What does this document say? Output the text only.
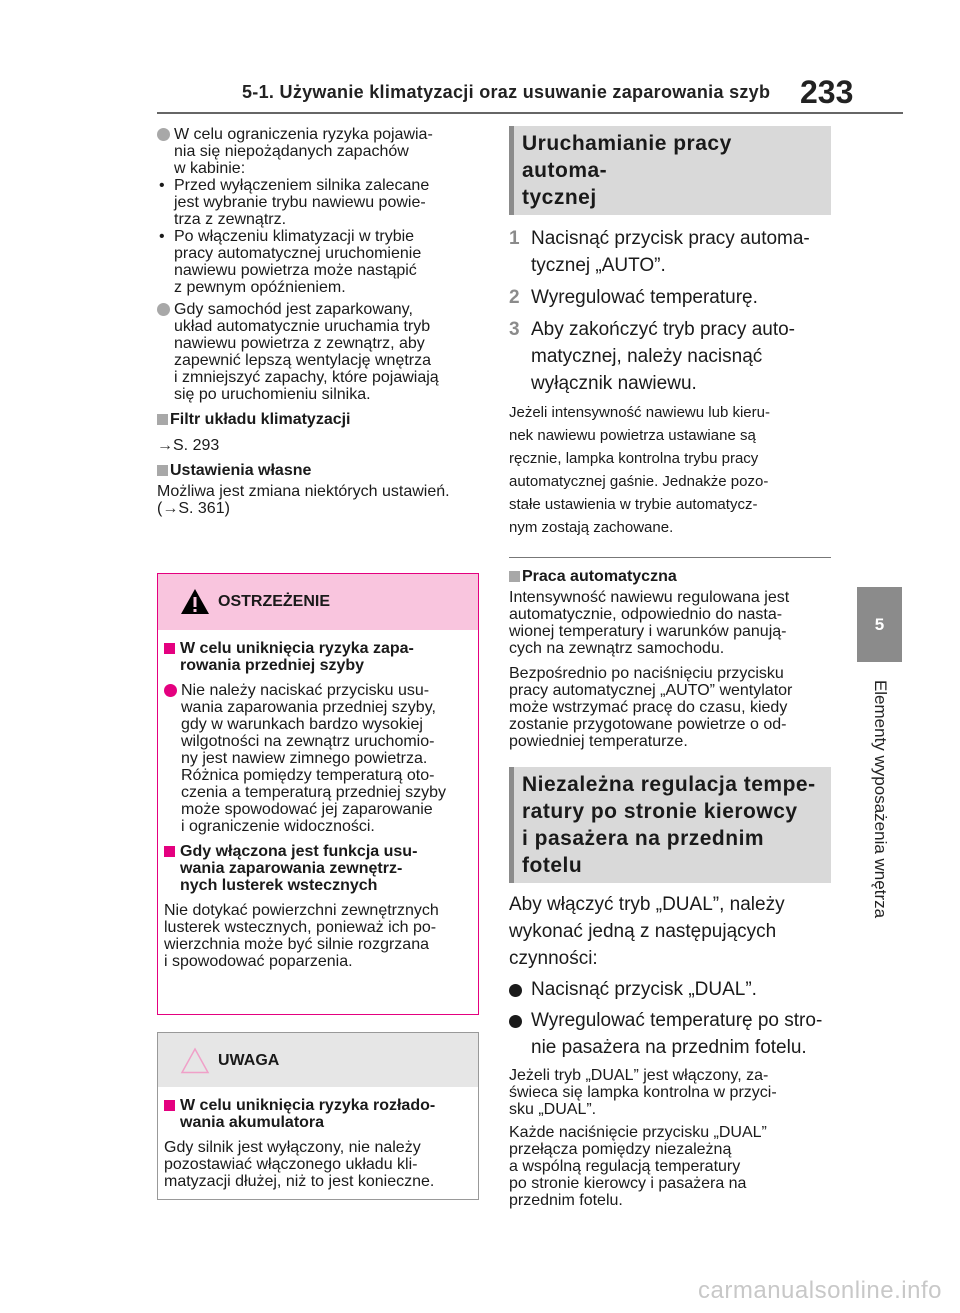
5-1. Używanie klimatyzacji oraz usuwanie zaparowania szyb 233
5
Elementy wyposażenia wnętrza
W celu ograniczenia ryzyka pojawia-
nia się niepożądanych zapachów
w kabinie:
• Przed wyłączeniem silnika zalecane
jest wybranie trybu nawiewu powie-
trza z zewnątrz.
• Po włączeniu klimatyzacji w trybie
pracy automatycznej uruchomienie
nawiewu powietrza może nastąpić
z pewnym opóźnieniem.
Gdy samochód jest zaparkowany,
układ automatycznie uruchamia tryb
nawiewu powietrza z zewnątrz, aby
zapewnić lepszą wentylację wnętrza
i zmniejszyć zapachy, które pojawiają
się po uruchomieniu silnika.
Filtr układu klimatyzacji

→S. 293

Ustawienia własne

Możliwa jest zmiana niektórych ustawień.

(→S. 361)

OSTRZEŻENIE
W celu uniknięcia ryzyka zapa-
rowania przedniej szyby
Nie należy naciskać przycisku usu-
wania zaparowania przedniej szyby,
gdy w warunkach bardzo wysokiej
wilgotności na zewnątrz uruchomio-
ny jest nawiew zimnego powietrza.
Różnica pomiędzy temperaturą oto-
czenia a temperaturą przedniej szyby
może spowodować jej zaparowanie
i ograniczenie widoczności.
Gdy włączona jest funkcja usu-
wania zaparowania zewnętrz-
nych lusterek wstecznych
Nie dotykać powierzchni zewnętrznych
lusterek wstecznych, ponieważ ich po-
wierzchnia może być silnie rozgrzana
i spowodować poparzenia.
UWAGA
W celu uniknięcia ryzyka rozłado-
wania akumulatora
Gdy silnik jest wyłączony, nie należy
pozostawiać włączonego układu kli-
matyzacji dłużej, niż to jest konieczne.
Uruchamianie pracy automa-
tycznej
1 Nacisnąć przycisk pracy automa-
tycznej „AUTO”.
2 Wyregulować temperaturę.
3 Aby zakończyć tryb pracy auto-
matycznej, należy nacisnąć
wyłącznik nawiewu.
Jeżeli intensywność nawiewu lub kieru-
nek nawiewu powietrza ustawiane są
ręcznie, lampka kontrolna trybu pracy
automatycznej gaśnie. Jednakże pozo-
stałe ustawienia w trybie automatycz-
nym zostają zachowane.
Praca automatyczna
Intensywność nawiewu regulowana jest
automatycznie, odpowiednio do nasta-
wionej temperatury i warunków panują-
cych na zewnątrz samochodu.
Bezpośrednio po naciśnięciu przycisku
pracy automatycznej „AUTO” wentylator
może wstrzymać pracę do czasu, kiedy
zostanie przygotowane powietrze o od-
powiedniej temperaturze.
Niezależna regulacja tempe-
ratury po stronie kierowcy
i pasażera na przednim
fotelu
Aby włączyć tryb „DUAL”, należy
wykonać jedną z następujących
czynności:
Nacisnąć przycisk „DUAL”.
Wyregulować temperaturę po stro-
nie pasażera na przednim fotelu.
Jeżeli tryb „DUAL” jest włączony, za-
świeca się lampka kontrolna w przyci-
sku „DUAL”.
Każde naciśnięcie przycisku „DUAL”
przełącza pomiędzy niezależną
a wspólną regulacją temperatury
po stronie kierowcy i pasażera na
przednim fotelu.
carmanualsonline.info
